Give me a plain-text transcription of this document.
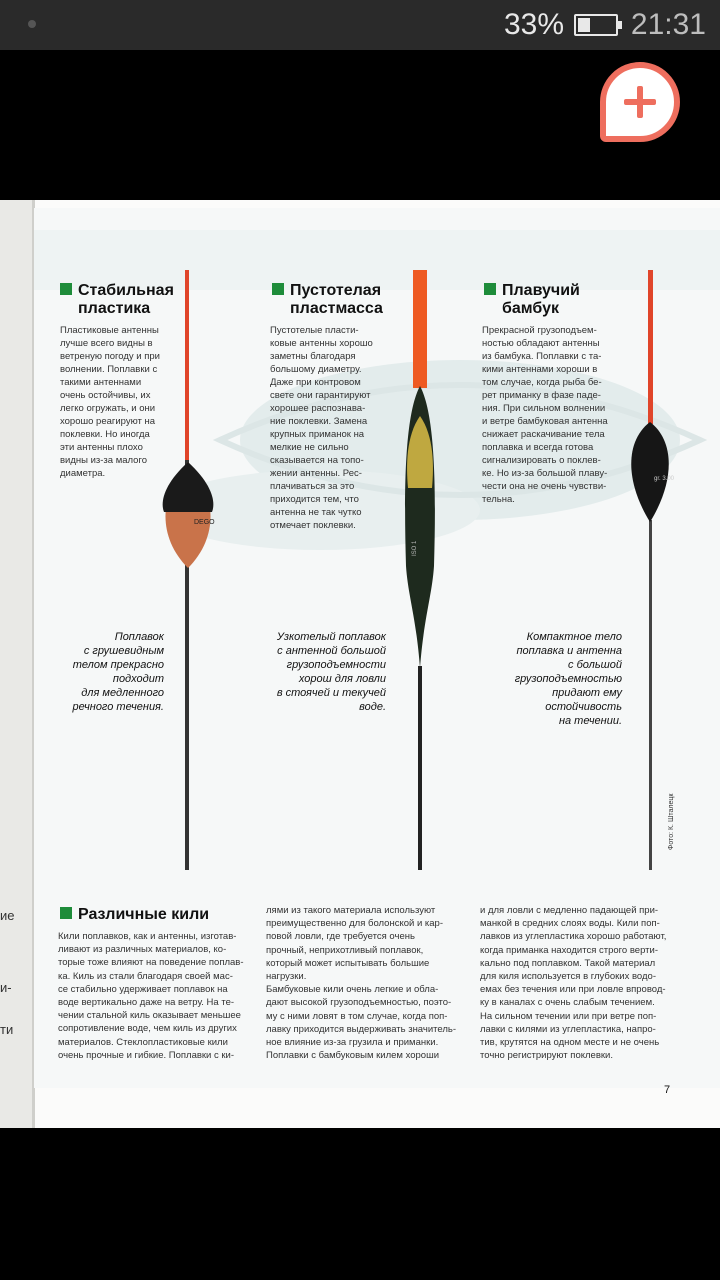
33% 21:31
ие
и-
ти
Стабильная
пластика
Пластиковые антенны
лучше всего видны в
ветреную погоду и при
волнении. Поплавки с
такими антеннами
очень остойчивы, их
легко огружать, и они
хорошо реагируют на
поклевки. Но иногда
эти антенны плохо
видны из-за малого
диаметра.
Поплавок
с грушевидным
телом прекрасно
подходит
для медленного
речного течения.
Пустотелая
пластмасса
Пустотелые пласти-
ковые антенны хорошо
заметны благодаря
большому диаметру.
Даже при контровом
свете они гарантируют
хорошее распознава-
ние поклевки. Замена
крупных приманок на
мелкие не сильно
сказывается на топо-
жении антенны. Рес-
плачиваться за это
приходится тем, что
антенна не так чутко
отмечает поклевки.
Узкотелый поплавок
с антенной большой
грузоподъемности
хорош для ловли
в стоячей и текучей
воде.
Плавучий
бамбук
Прекрасной грузоподъем-
ностью обладают антенны
из бамбука. Поплавки с та-
кими антеннами хороши в
том случае, когда рыба бе-
рет приманку в фазе паде-
ния. При сильном волнении
и ветре бамбуковая антенна
снижает раскачивание тела
поплавка и всегда готова
сигнализировать о поклев-
ке. Но из-за большой плаву-
чести она не очень чувстви-
тельна.
Компактное тело
поплавка и антенна
с большой
грузоподъемностью
придают ему
остойчивость
на течении.
DEGO
ISO 1
gr. 3.00
Фото: К. Шталецк
Различные кили
Кили поплавков, как и антенны, изготав-
ливают из различных материалов, ко-
торые тоже влияют на поведение поплав-
ка. Киль из стали благодаря своей мас-
се стабильно удерживает поплавок на
воде вертикально даже на ветру. На те-
чении стальной киль оказывает меньшее
сопротивление воде, чем киль из других
материалов. Стеклопластиковые кили
очень прочные и гибкие. Поплавки с ки-
лями из такого материала используют
преимущественно для болонской и кар-
повой ловли, где требуется очень
прочный, неприхотливый поплавок,
который может испытывать большие
нагрузки.
Бамбуковые кили очень легкие и обла-
дают высокой грузоподъемностью, поэто-
му с ними ловят в том случае, когда поп-
лавку приходится выдерживать значитель-
ное влияние из-за грузила и приманки.
Поплавки с бамбуковым килем хороши
и для ловли с медленно падающей при-
манкой в средних слоях воды. Кили поп-
лавков из углепластика хорошо работают,
когда приманка находится строго верти-
кально под поплавком. Такой материал
для киля используется в глубоких водо-
емах без течения или при ловле впровод-
ку в каналах с очень слабым течением.
На сильном течении или при ветре поп-
лавки с килями из углепластика, напро-
тив, крутятся на одном месте и не очень
точно регистрируют поклевки.
7
